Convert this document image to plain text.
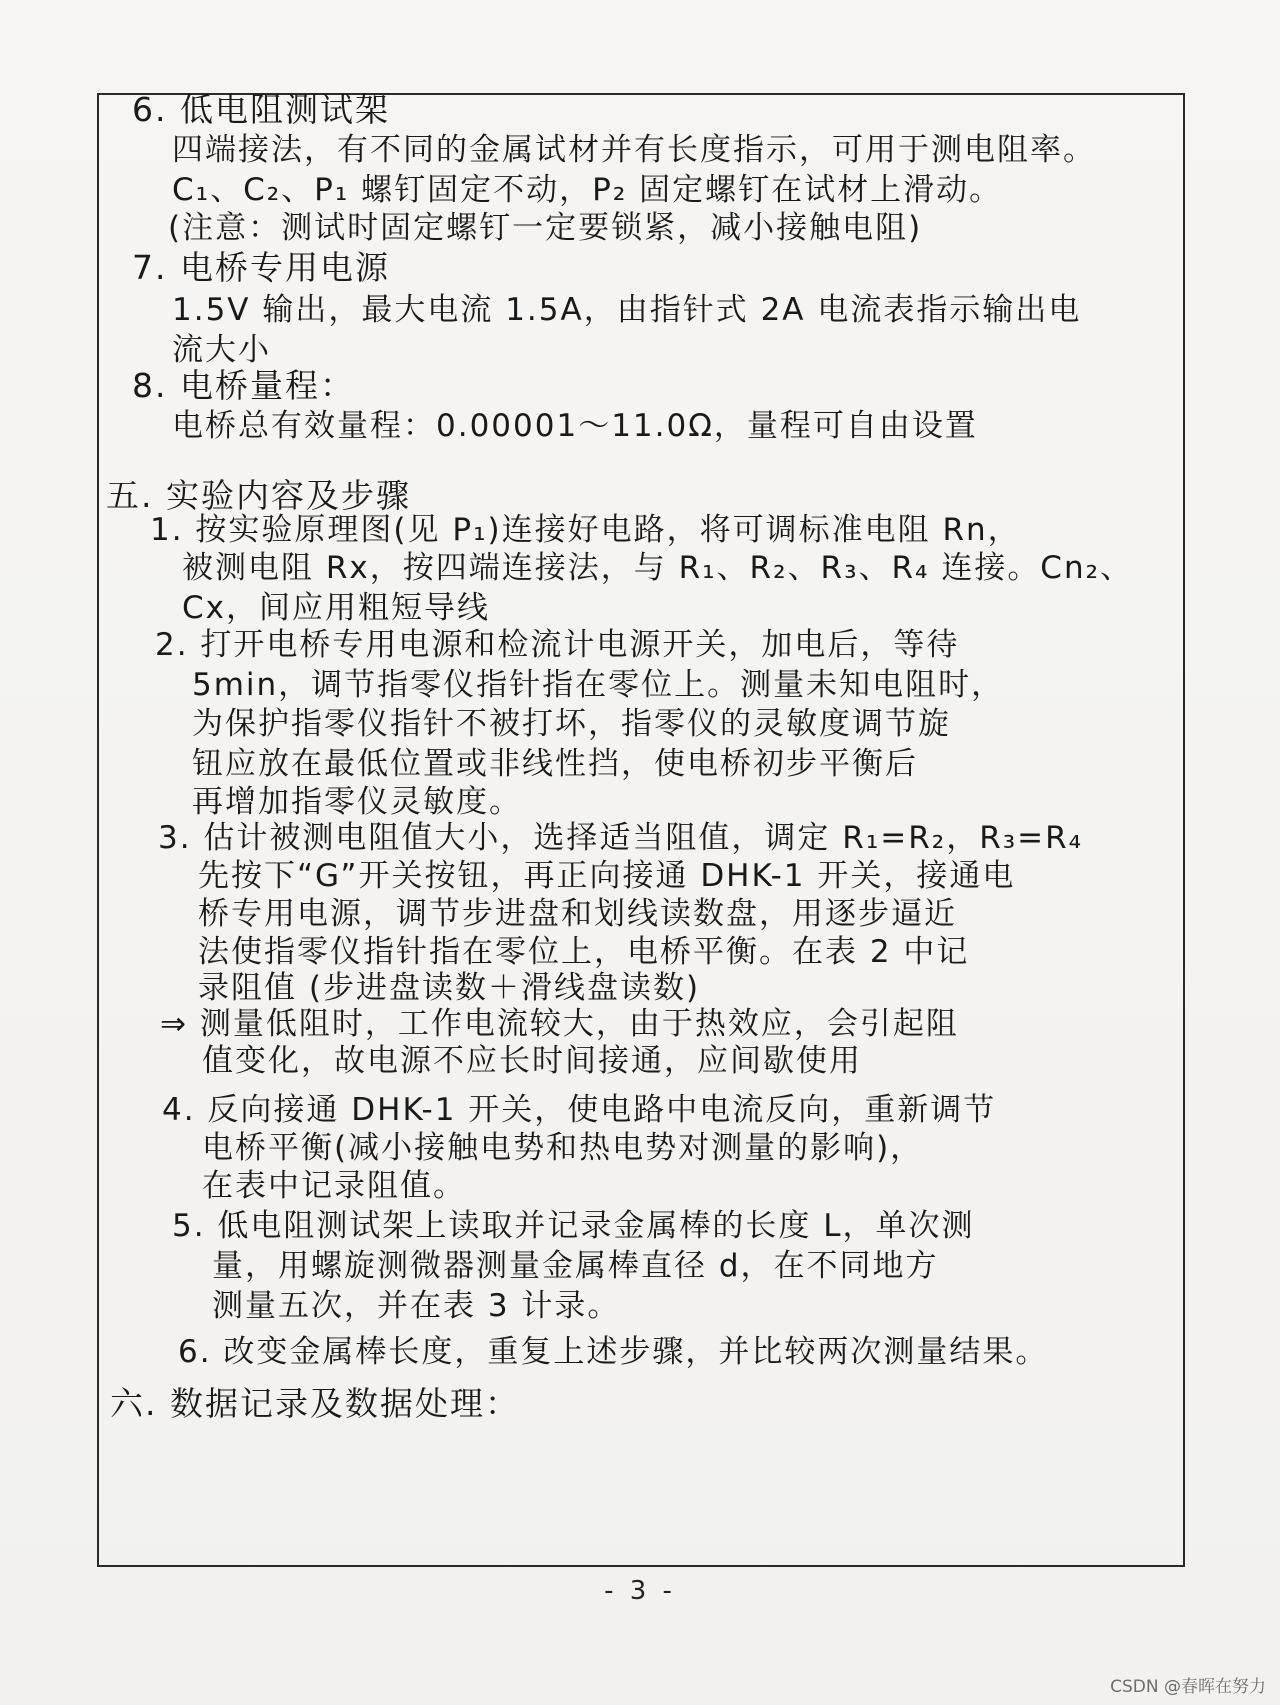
6. 低电阻测试架
四端接法，有不同的金属试材并有长度指示，可用于测电阻率。
C₁、C₂、P₁ 螺钉固定不动，P₂ 固定螺钉在试材上滑动。
(注意：测试时固定螺钉一定要锁紧，减小接触电阻)
7. 电桥专用电源
1.5V 输出，最大电流 1.5A，由指针式 2A 电流表指示输出电
流大小
8. 电桥量程：
电桥总有效量程：0.00001～11.0Ω，量程可自由设置
五. 实验内容及步骤
1. 按实验原理图(见 P₁)连接好电路，将可调标准电阻 Rn，
被测电阻 Rx，按四端连接法，与 R₁、R₂、R₃、R₄ 连接。Cn₂、
Cx，间应用粗短导线
2. 打开电桥专用电源和检流计电源开关，加电后，等待
5min，调节指零仪指针指在零位上。测量未知电阻时，
为保护指零仪指针不被打坏，指零仪的灵敏度调节旋
钮应放在最低位置或非线性挡，使电桥初步平衡后
再增加指零仪灵敏度。
3. 估计被测电阻值大小，选择适当阻值，调定 R₁=R₂，R₃=R₄
先按下“G”开关按钮，再正向接通 DHK-1 开关，接通电
桥专用电源，调节步进盘和划线读数盘，用逐步逼近
法使指零仪指针指在零位上，电桥平衡。在表 2 中记
录阻值 (步进盘读数＋滑线盘读数)
⇒ 测量低阻时，工作电流较大，由于热效应，会引起阻
值变化，故电源不应长时间接通，应间歇使用
4. 反向接通 DHK-1 开关，使电路中电流反向，重新调节
电桥平衡(减小接触电势和热电势对测量的影响)，
在表中记录阻值。
5. 低电阻测试架上读取并记录金属棒的长度 L，单次测
量，用螺旋测微器测量金属棒直径 d，在不同地方
测量五次，并在表 3 计录。
6. 改变金属棒长度，重复上述步骤，并比较两次测量结果。
六. 数据记录及数据处理：
- 3 -
CSDN @春晖在努力
